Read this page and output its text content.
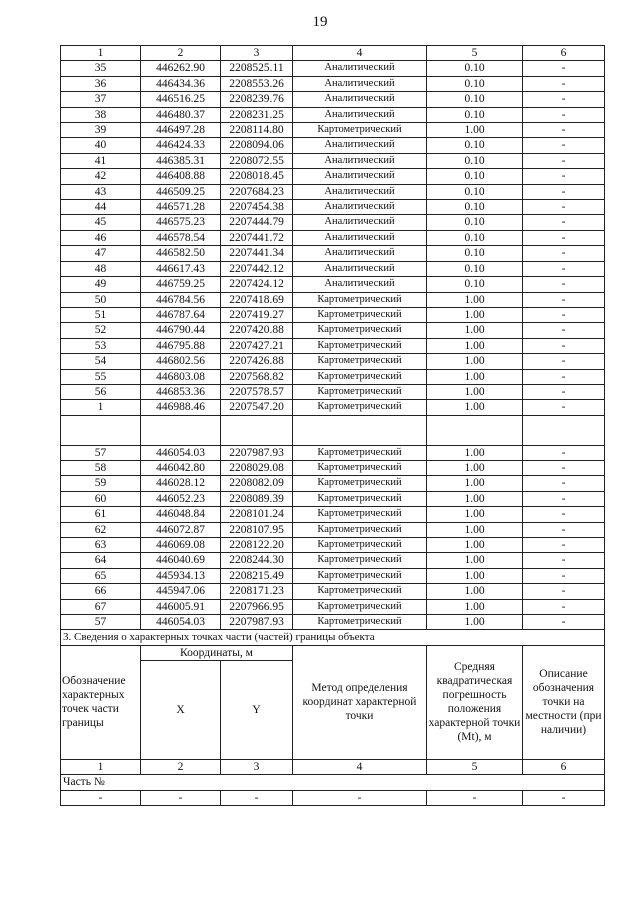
19
1	2	3	4	5	6
35	446262.90	2208525.11	Аналитический	0.10	-
36	446434.36	2208553.26	Аналитический	0.10	-
37	446516.25	2208239.76	Аналитический	0.10	-
38	446480.37	2208231.25	Аналитический	0.10	-
39	446497.28	2208114.80	Картометрический	1.00	-
40	446424.33	2208094.06	Аналитический	0.10	-
41	446385.31	2208072.55	Аналитический	0.10	-
42	446408.88	2208018.45	Аналитический	0.10	-
43	446509.25	2207684.23	Аналитический	0.10	-
44	446571.28	2207454.38	Аналитический	0.10	-
45	446575.23	2207444.79	Аналитический	0.10	-
46	446578.54	2207441.72	Аналитический	0.10	-
47	446582.50	2207441.34	Аналитический	0.10	-
48	446617.43	2207442.12	Аналитический	0.10	-
49	446759.25	2207424.12	Аналитический	0.10	-
50	446784.56	2207418.69	Картометрический	1.00	-
51	446787.64	2207419.27	Картометрический	1.00	-
52	446790.44	2207420.88	Картометрический	1.00	-
53	446795.88	2207427.21	Картометрический	1.00	-
54	446802.56	2207426.88	Картометрический	1.00	-
55	446803.08	2207568.82	Картометрический	1.00	-
56	446853.36	2207578.57	Картометрический	1.00	-
1	446988.46	2207547.20	Картометрический	1.00	-

57	446054.03	2207987.93	Картометрический	1.00	-
58	446042.80	2208029.08	Картометрический	1.00	-
59	446028.12	2208082.09	Картометрический	1.00	-
60	446052.23	2208089.39	Картометрический	1.00	-
61	446048.84	2208101.24	Картометрический	1.00	-
62	446072.87	2208107.95	Картометрический	1.00	-
63	446069.08	2208122.20	Картометрический	1.00	-
64	446040.69	2208244.30	Картометрический	1.00	-
65	445934.13	2208215.49	Картометрический	1.00	-
66	445947.06	2208171.23	Картометрический	1.00	-
67	446005.91	2207966.95	Картометрический	1.00	-
57	446054.03	2207987.93	Картометрический	1.00	-
3. Сведения о характерных точках части (частей) границы объекта					
Обозначение характерных точек части границы	Координаты, м		Метод определения координат характерной точки	Средняя квадратическая погрешность положения характерной точки (Mt), м	Описание обозначения точки на местности (при наличии)
	X	Y			
1	2	3	4	5	6
Часть №					
-	-	-	-	-	-
